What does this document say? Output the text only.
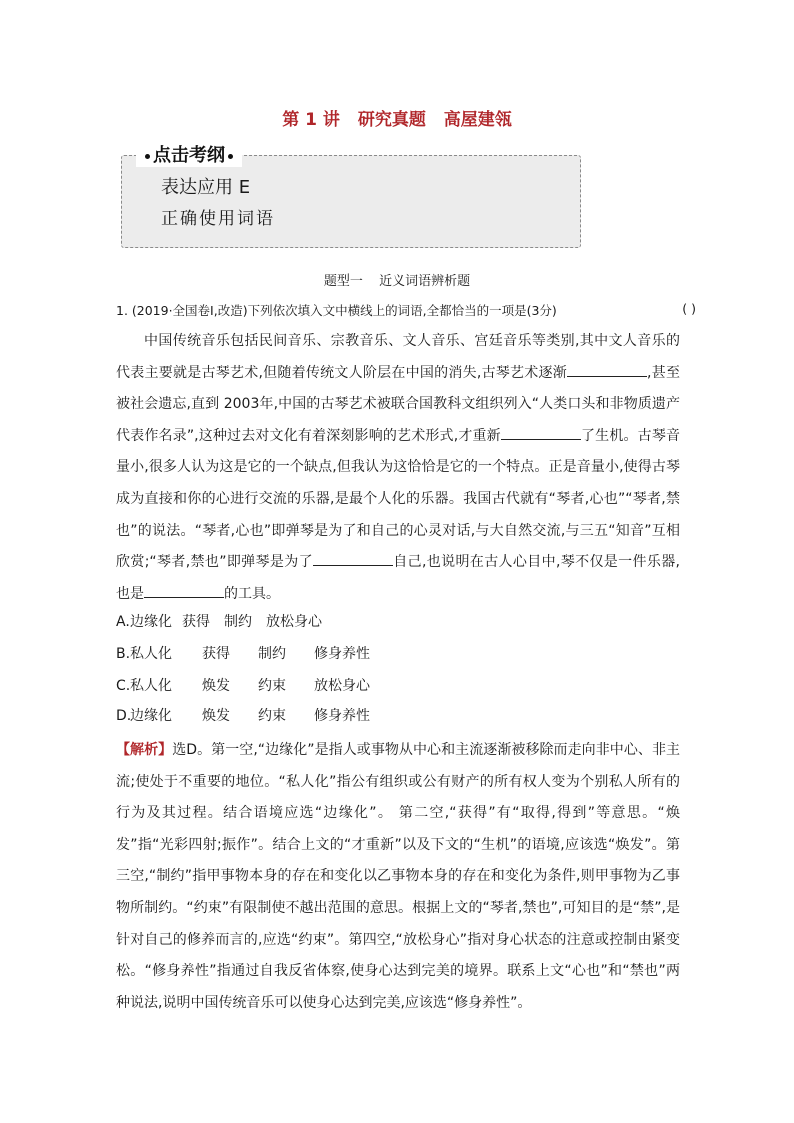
第 1 讲 研究真题 高屋建瓴
点击考纲
表达应用 E
正确使用词语
题型一 近义词语辨析题
1. (2019·全国卷Ⅰ,改造)下列依次填入文中横线上的词语,全都恰当的一项是(3分)	( )

中国传统音乐包括民间音乐、宗教音乐、文人音乐、宫廷音乐等类别,其中文人音乐的代表主要就是古琴艺术,但随着传统文人阶层在中国的消失,古琴艺术逐渐	,甚至被社会遗忘,直到 2003年,中国的古琴艺术被联合国教科文组织列入“人类口头和非物质遗产代表作名录”,这种过去对文化有着深刻影响的艺术形式,才重新	了生机。古琴音量小,很多人认为这是它的一个缺点,但我认为这恰恰是它的一个特点。正是音量小,使得古琴成为直接和你的心进行交流的乐器,是最个人化的乐器。我国古代就有“琴者,心也”“琴者,禁也”的说法。“琴者,心也”即弹琴是为了和自己的心灵对话,与大自然交流,与三五“知音”互相欣赏;“琴者,禁也”即弹琴是为了	自己,也说明在古人心目中,琴不仅是一件乐器,也是	的工具。

A.边缘化 获得 制约 放松身心
B.私人化 获得 制约 修身养性
C.私人化 焕发 约束 放松身心
D.边缘化 焕发 约束 修身养性

【解析】选D。第一空,“边缘化”是指人或事物从中心和主流逐渐被移除而走向非中心、非主流;使处于不重要的地位。“私人化”指公有组织或公有财产的所有权人变为个别私人所有的行为及其过程。结合语境应选“边缘化”。 第二空,“获得”有“取得,得到”等意思。“焕发”指“光彩四射;振作”。结合上文的“才重新”以及下文的“生机”的语境,应该选“焕发”。第三空,“制约”指甲事物本身的存在和变化以乙事物本身的存在和变化为条件,则甲事物为乙事物所制约。“约束”有限制使不越出范围的意思。根据上文的“琴者,禁也”,可知目的是“禁”,是针对自己的修养而言的,应选“约束”。第四空,“放松身心”指对身心状态的注意或控制由紧变松。“修身养性”指通过自我反省体察,使身心达到完美的境界。联系上文“心也”和“禁也”两种说法,说明中国传统音乐可以使身心达到完美,应该选“修身养性”。
